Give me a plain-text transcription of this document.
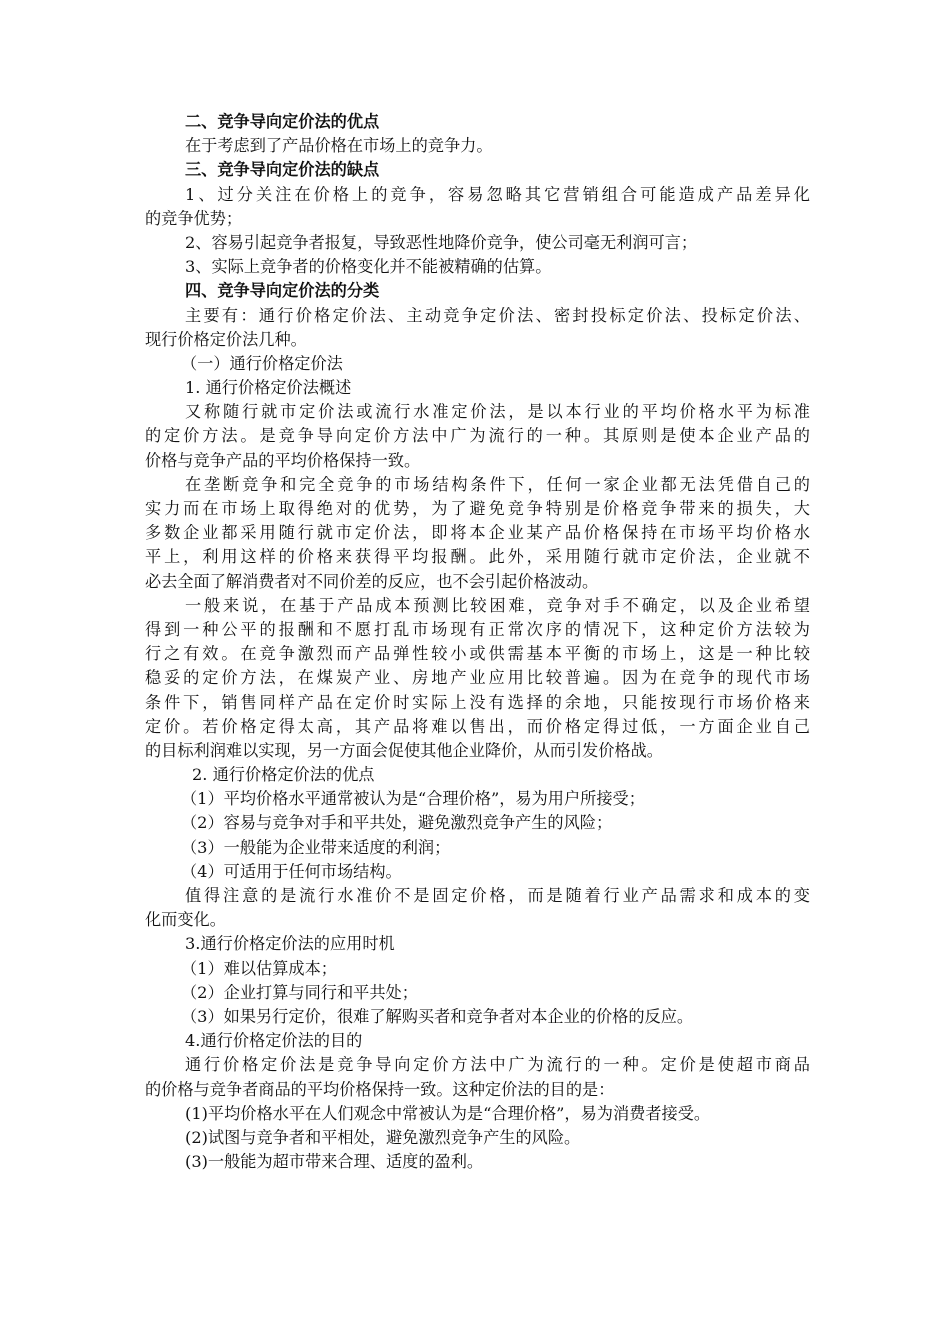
二、竞争导向定价法的优点
在于考虑到了产品价格在市场上的竞争力。
三、竞争导向定价法的缺点
1、过分关注在价格上的竞争，容易忽略其它营销组合可能造成产品差异化
的竞争优势；
2、容易引起竞争者报复，导致恶性地降价竞争，使公司毫无利润可言；
3、实际上竞争者的价格变化并不能被精确的估算。
四、竞争导向定价法的分类
主要有：通行价格定价法、主动竞争定价法、密封投标定价法、投标定价法、
现行价格定价法几种。
（一）通行价格定价法
1. 通行价格定价法概述
又称随行就市定价法或流行水准定价法，是以本行业的平均价格水平为标准
的定价方法。是竞争导向定价方法中广为流行的一种。其原则是使本企业产品的
价格与竞争产品的平均价格保持一致。
在垄断竞争和完全竞争的市场结构条件下，任何一家企业都无法凭借自己的
实力而在市场上取得绝对的优势，为了避免竞争特别是价格竞争带来的损失，大
多数企业都采用随行就市定价法，即将本企业某产品价格保持在市场平均价格水
平上，利用这样的价格来获得平均报酬。此外，采用随行就市定价法，企业就不
必去全面了解消费者对不同价差的反应，也不会引起价格波动。
一般来说，在基于产品成本预测比较困难，竞争对手不确定，以及企业希望
得到一种公平的报酬和不愿打乱市场现有正常次序的情况下，这种定价方法较为
行之有效。在竞争激烈而产品弹性较小或供需基本平衡的市场上，这是一种比较
稳妥的定价方法，在煤炭产业、房地产业应用比较普遍。因为在竞争的现代市场
条件下，销售同样产品在定价时实际上没有选择的余地，只能按现行市场价格来
定价。若价格定得太高，其产品将难以售出，而价格定得过低，一方面企业自己
的目标利润难以实现，另一方面会促使其他企业降价，从而引发价格战。
2. 通行价格定价法的优点
（1）平均价格水平通常被认为是“合理价格”，易为用户所接受；
（2）容易与竞争对手和平共处，避免激烈竞争产生的风险；
（3）一般能为企业带来适度的利润；
（4）可适用于任何市场结构。
值得注意的是流行水准价不是固定价格，而是随着行业产品需求和成本的变
化而变化。
3.通行价格定价法的应用时机
（1）难以估算成本；
（2）企业打算与同行和平共处；
（3）如果另行定价，很难了解购买者和竞争者对本企业的价格的反应。
4.通行价格定价法的目的
通行价格定价法是竞争导向定价方法中广为流行的一种。定价是使超市商品
的价格与竞争者商品的平均价格保持一致。这种定价法的目的是：
(1)平均价格水平在人们观念中常被认为是“合理价格”，易为消费者接受。
(2)试图与竞争者和平相处，避免激烈竞争产生的风险。
(3)一般能为超市带来合理、适度的盈利。
